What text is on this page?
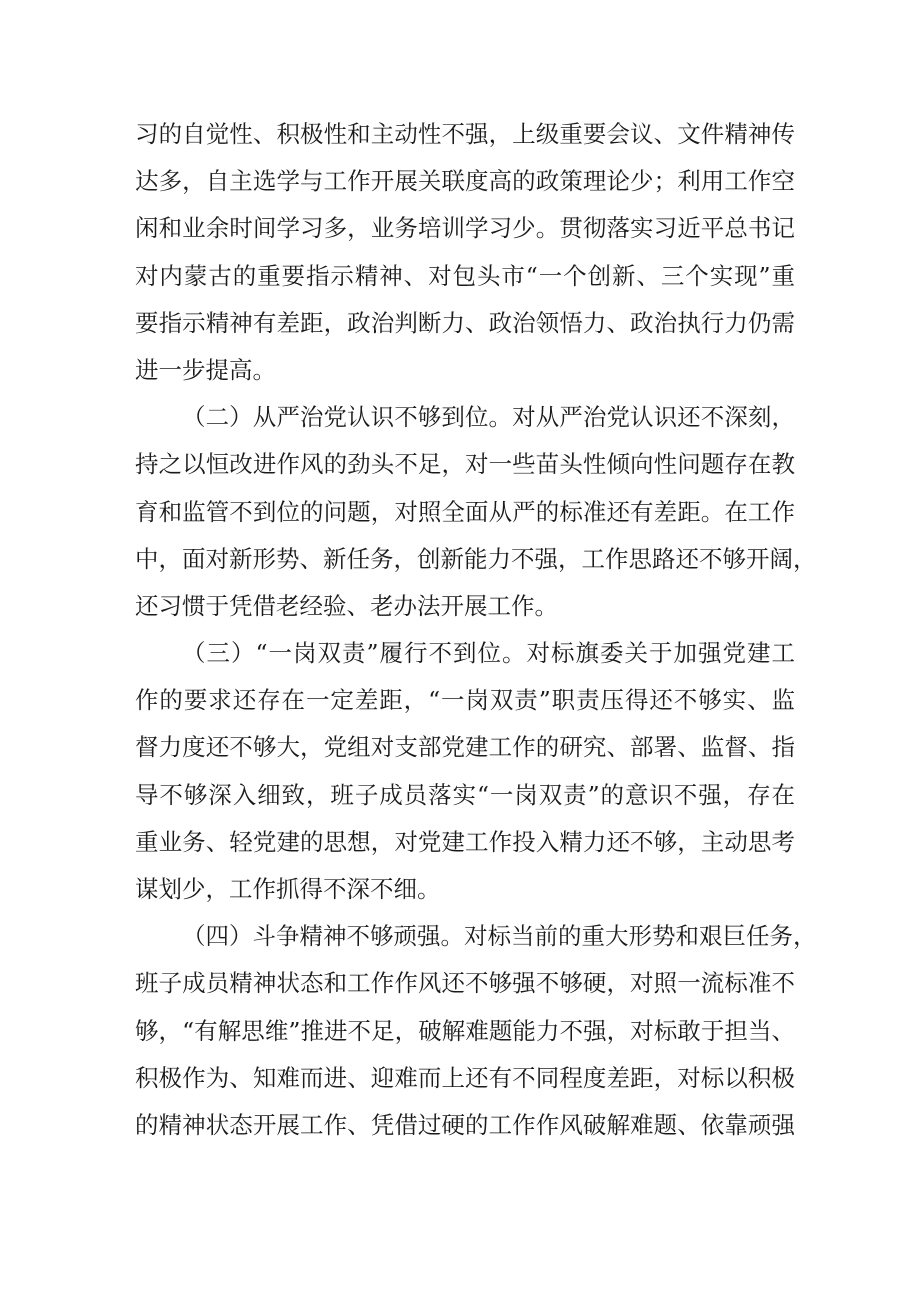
习的自觉性、积极性和主动性不强，上级重要会议、文件精神传
达多，自主选学与工作开展关联度高的政策理论少；利用工作空
闲和业余时间学习多，业务培训学习少。贯彻落实习近平总书记
对内蒙古的重要指示精神、对包头市“一个创新、三个实现”重
要指示精神有差距，政治判断力、政治领悟力、政治执行力仍需
进一步提高。
（二）从严治党认识不够到位。对从严治党认识还不深刻，
持之以恒改进作风的劲头不足，对一些苗头性倾向性问题存在教
育和监管不到位的问题，对照全面从严的标准还有差距。在工作
中，面对新形势、新任务，创新能力不强，工作思路还不够开阔，
还习惯于凭借老经验、老办法开展工作。
（三）“一岗双责”履行不到位。对标旗委关于加强党建工
作的要求还存在一定差距，“一岗双责”职责压得还不够实、监
督力度还不够大，党组对支部党建工作的研究、部署、监督、指
导不够深入细致，班子成员落实“一岗双责”的意识不强，存在
重业务、轻党建的思想，对党建工作投入精力还不够，主动思考
谋划少，工作抓得不深不细。
（四）斗争精神不够顽强。对标当前的重大形势和艰巨任务，
班子成员精神状态和工作作风还不够强不够硬，对照一流标准不
够，“有解思维”推进不足，破解难题能力不强，对标敢于担当、
积极作为、知难而进、迎难而上还有不同程度差距，对标以积极
的精神状态开展工作、凭借过硬的工作作风破解难题、依靠顽强
